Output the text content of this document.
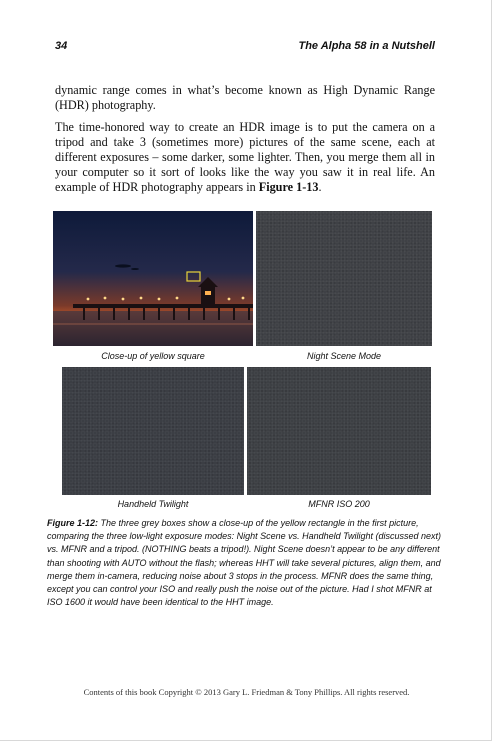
34	The Alpha 58 in a Nutshell

dynamic range comes in what’s become known as High Dynamic Range (HDR) photography.

The time-honored way to create an HDR image is to put the camera on a tripod and take 3 (sometimes more) pictures of the same scene, each at different exposures – some darker, some lighter. Then, you merge them all in your computer so it sort of looks like the way you saw it in real life. An example of HDR photography appears in Figure 1-13.

Close-up of yellow square	Night Scene Mode
Handheld Twilight	MFNR ISO 200

Figure 1-12: The three grey boxes show a close-up of the yellow rectangle in the first picture, comparing the three low-light exposure modes: Night Scene vs. Handheld Twilight (discussed next) vs. MFNR and a tripod. (NOTHING beats a tripod!). Night Scene doesn’t appear to be any different than shooting with AUTO without the flash; whereas HHT will take several pictures, align them, and merge them in-camera, reducing noise about 3 stops in the process. MFNR does the same thing, except you can control your ISO and really push the noise out of the picture. Had I shot MFNR at ISO 1600 it would have been identical to the HHT image.

Contents of this book Copyright © 2013 Gary L. Friedman & Tony Phillips. All rights reserved.
